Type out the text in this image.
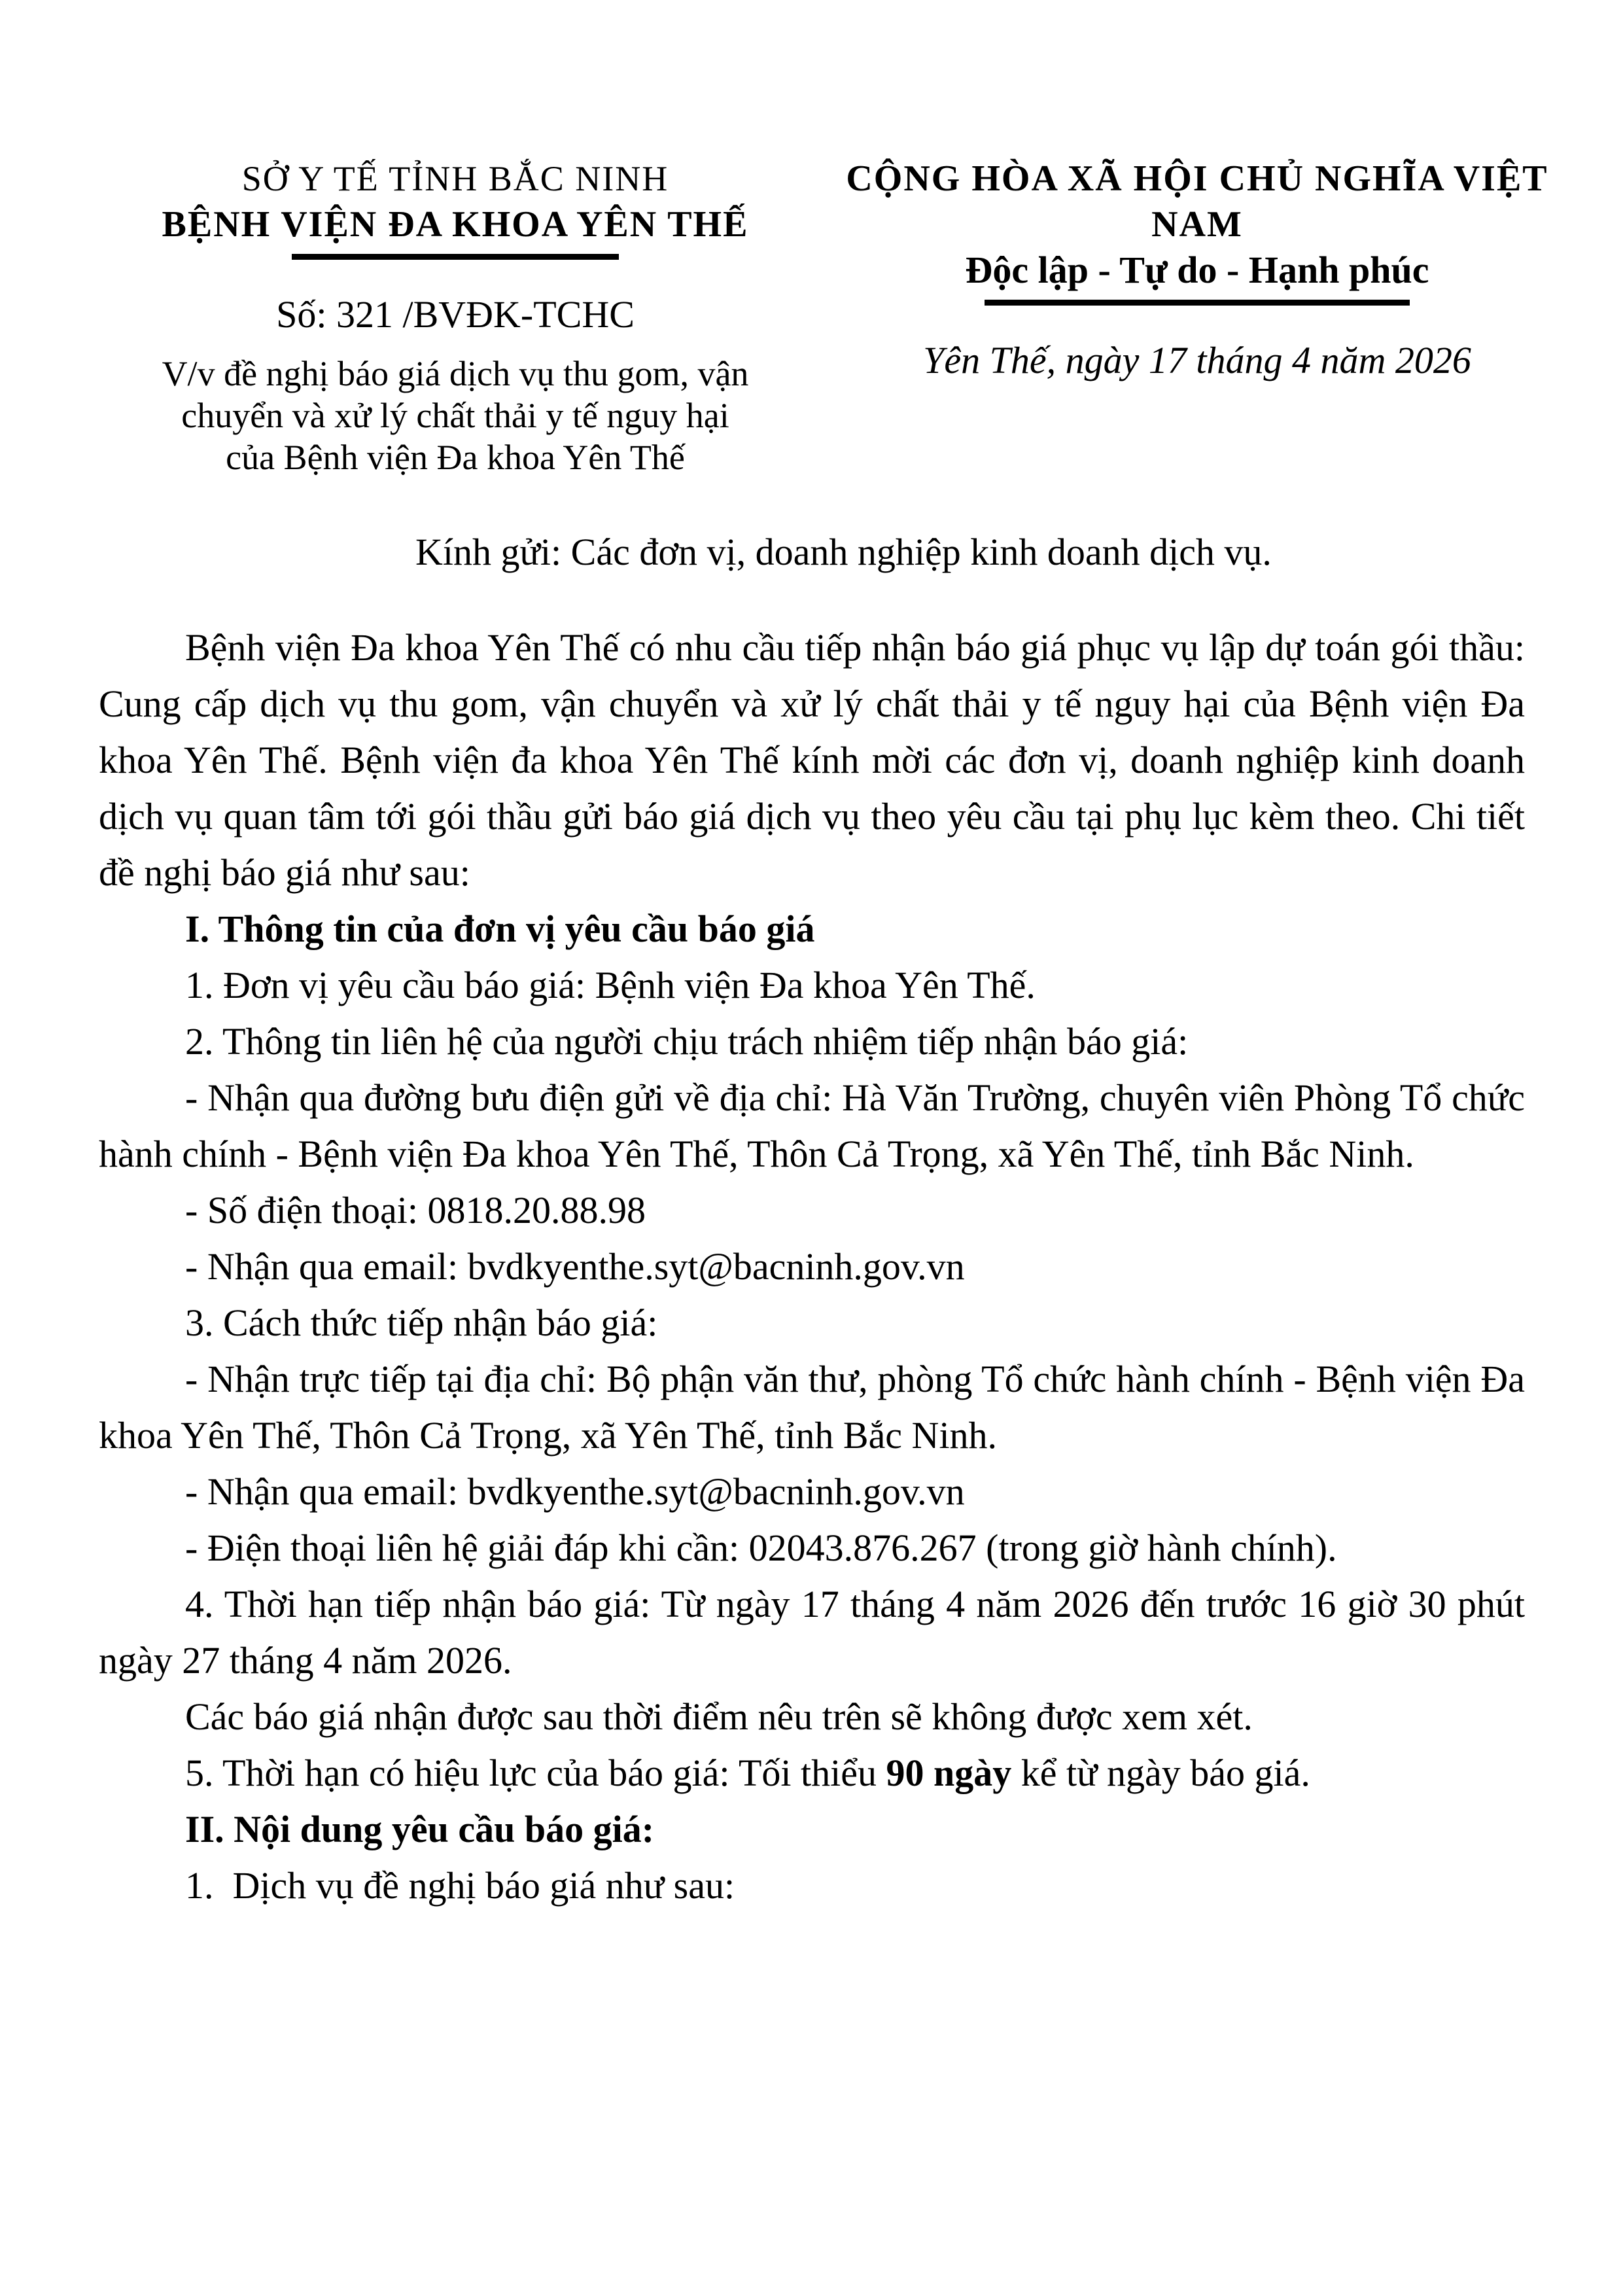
SỞ Y TẾ TỈNH BẮC NINH
BỆNH VIỆN ĐA KHOA YÊN THẾ
Số: 321 /BVĐK-TCHC
V/v đề nghị báo giá dịch vụ thu gom, vận
chuyển và xử lý chất thải y tế nguy hại
của Bệnh viện Đa khoa Yên Thế
CỘNG HÒA XÃ HỘI CHỦ NGHĨA VIỆT NAM
Độc lập - Tự do - Hạnh phúc
Yên Thế, ngày 17 tháng 4 năm 2026

Kính gửi: Các đơn vị, doanh nghiệp kinh doanh dịch vụ.

Bệnh viện Đa khoa Yên Thế có nhu cầu tiếp nhận báo giá phục vụ lập dự toán gói thầu: Cung cấp dịch vụ thu gom, vận chuyển và xử lý chất thải y tế nguy hại của Bệnh viện Đa khoa Yên Thế. Bệnh viện đa khoa Yên Thế kính mời các đơn vị, doanh nghiệp kinh doanh dịch vụ quan tâm tới gói thầu gửi báo giá dịch vụ theo yêu cầu tại phụ lục kèm theo. Chi tiết đề nghị báo giá như sau:

I. Thông tin của đơn vị yêu cầu báo giá

1. Đơn vị yêu cầu báo giá: Bệnh viện Đa khoa Yên Thế.

2. Thông tin liên hệ của người chịu trách nhiệm tiếp nhận báo giá:

- Nhận qua đường bưu điện gửi về địa chỉ: Hà Văn Trường, chuyên viên Phòng Tổ chức hành chính - Bệnh viện Đa khoa Yên Thế, Thôn Cả Trọng, xã Yên Thế, tỉnh Bắc Ninh.

- Số điện thoại: 0818.20.88.98

- Nhận qua email: bvdkyenthe.syt@bacninh.gov.vn

3. Cách thức tiếp nhận báo giá:

- Nhận trực tiếp tại địa chỉ: Bộ phận văn thư, phòng Tổ chức hành chính - Bệnh viện Đa khoa Yên Thế, Thôn Cả Trọng, xã Yên Thế, tỉnh Bắc Ninh.

- Nhận qua email: bvdkyenthe.syt@bacninh.gov.vn

- Điện thoại liên hệ giải đáp khi cần: 02043.876.267 (trong giờ hành chính).

4. Thời hạn tiếp nhận báo giá: Từ ngày 17 tháng 4 năm 2026 đến trước 16 giờ 30 phút ngày 27 tháng 4 năm 2026.

Các báo giá nhận được sau thời điểm nêu trên sẽ không được xem xét.

5. Thời hạn có hiệu lực của báo giá: Tối thiểu 90 ngày kể từ ngày báo giá.

II. Nội dung yêu cầu báo giá:

1.  Dịch vụ đề nghị báo giá như sau:
